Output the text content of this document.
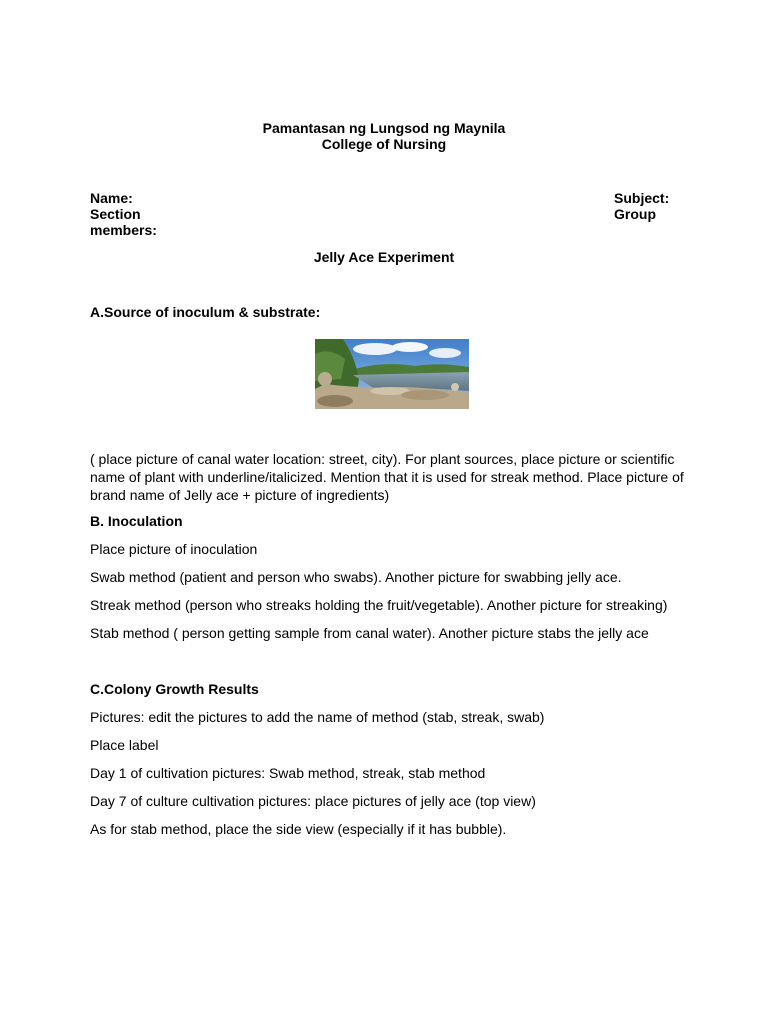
Pamantasan ng Lungsod ng Maynila

College of Nursing

Name:

Section

members:

Subject:

Group

Jelly Ace Experiment

A.Source of inoculum & substrate:

( place picture of canal water location: street, city). For plant sources, place picture or scientific name of plant with underline/italicized. Mention that it is used for streak method. Place picture of brand name of Jelly ace + picture of ingredients)

B. Inoculation

Place picture of inoculation

Swab method (patient and person who swabs). Another picture for swabbing jelly ace.

Streak method (person who streaks holding the fruit/vegetable). Another picture for streaking)

Stab method ( person getting sample from canal water). Another picture stabs the jelly ace

C.Colony Growth Results

Pictures: edit the pictures to add the name of method (stab, streak, swab)

Place label

Day 1 of cultivation pictures: Swab method, streak, stab method

Day 7 of culture cultivation pictures: place pictures of jelly ace (top view)

As for stab method, place the side view (especially if it has bubble).
